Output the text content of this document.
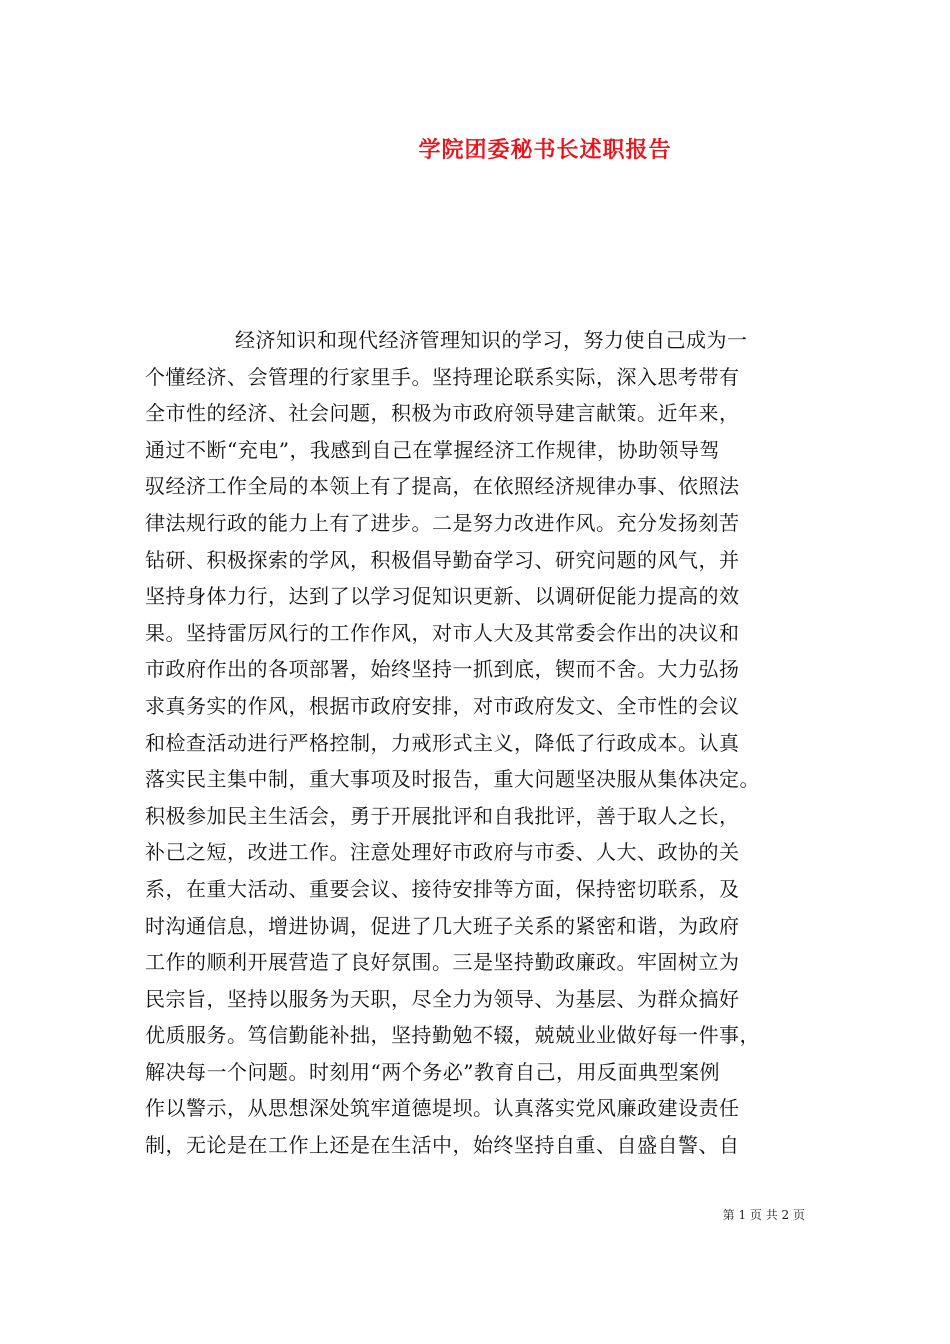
学院团委秘书长述职报告
经济知识和现代经济管理知识的学习，努力使自己成为一
个懂经济、会管理的行家里手。坚持理论联系实际，深入思考带有
全市性的经济、社会问题，积极为市政府领导建言献策。近年来，
通过不断“充电”，我感到自己在掌握经济工作规律，协助领导驾
驭经济工作全局的本领上有了提高，在依照经济规律办事、依照法
律法规行政的能力上有了进步。二是努力改进作风。充分发扬刻苦
钻研、积极探索的学风，积极倡导勤奋学习、研究问题的风气，并
坚持身体力行，达到了以学习促知识更新、以调研促能力提高的效
果。坚持雷厉风行的工作作风，对市人大及其常委会作出的决议和
市政府作出的各项部署，始终坚持一抓到底，锲而不舍。大力弘扬
求真务实的作风，根据市政府安排，对市政府发文、全市性的会议
和检查活动进行严格控制，力戒形式主义，降低了行政成本。认真
落实民主集中制，重大事项及时报告，重大问题坚决服从集体决定。
积极参加民主生活会，勇于开展批评和自我批评，善于取人之长，
补己之短，改进工作。注意处理好市政府与市委、人大、政协的关
系，在重大活动、重要会议、接待安排等方面，保持密切联系，及
时沟通信息，增进协调，促进了几大班子关系的紧密和谐，为政府
工作的顺利开展营造了良好氛围。三是坚持勤政廉政。牢固树立为
民宗旨，坚持以服务为天职，尽全力为领导、为基层、为群众搞好
优质服务。笃信勤能补拙，坚持勤勉不辍，兢兢业业做好每一件事，
解决每一个问题。时刻用“两个务必”教育自己，用反面典型案例
作以警示，从思想深处筑牢道德堤坝。认真落实党风廉政建设责任
制，无论是在工作上还是在生活中，始终坚持自重、自盛自警、自
第 1 页 共 2 页
